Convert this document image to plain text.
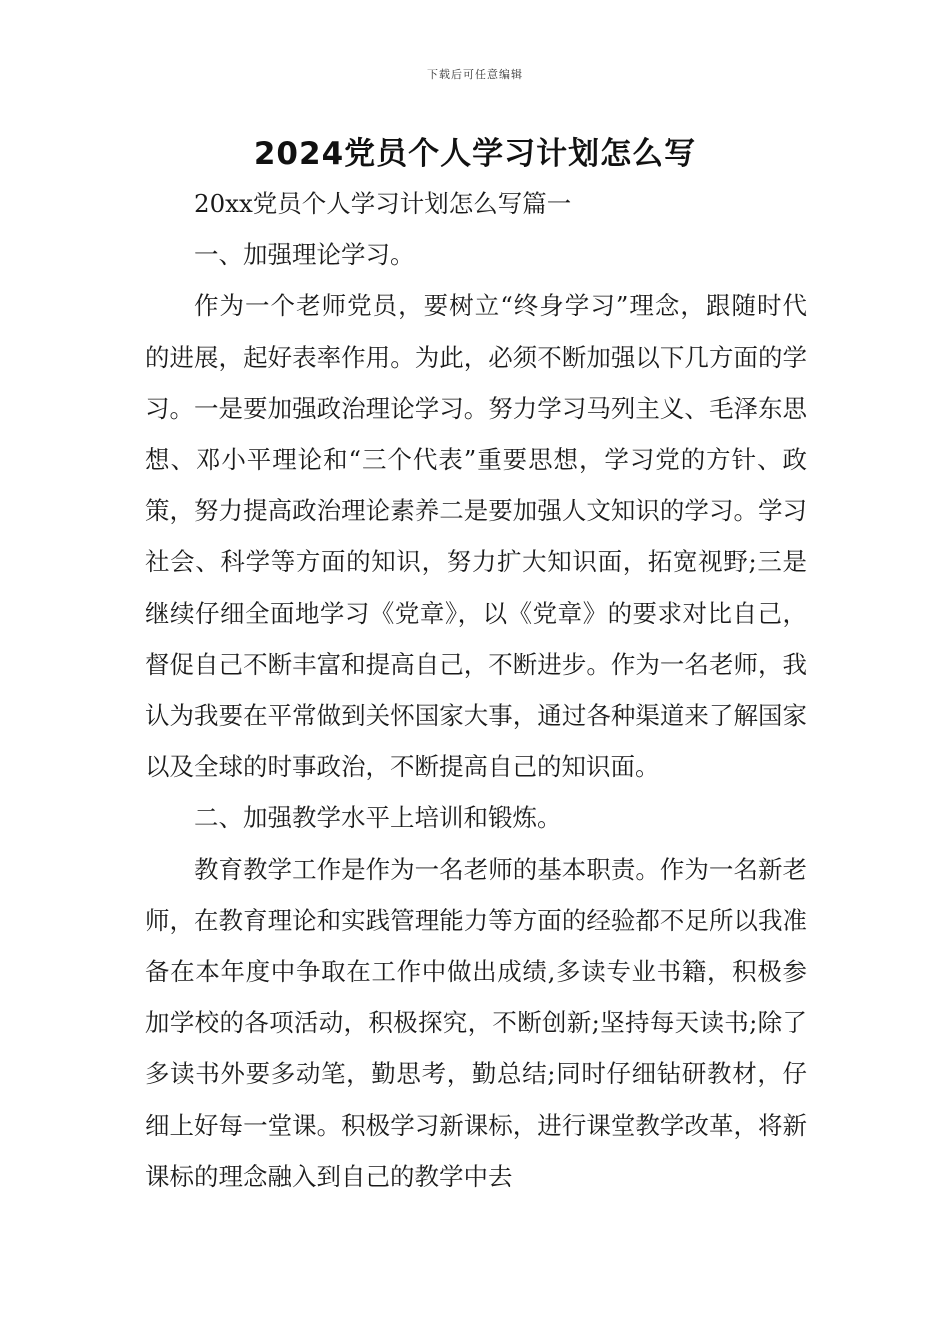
下载后可任意编辑
2024党员个人学习计划怎么写

20xx党员个人学习计划怎么写篇一

一、加强理论学习。

作为一个老师党员，要树立“终身学习”理念，跟随时代的进展，起好表率作用。为此，必须不断加强以下几方面的学习。一是要加强政治理论学习。努力学习马列主义、毛泽东思想、邓小平理论和“三个代表”重要思想，学习党的方针、政策，努力提高政治理论素养二是要加强人文知识的学习。学习社会、科学等方面的知识，努力扩大知识面，拓宽视野;三是继续仔细全面地学习《党章》，以《党章》的要求对比自己，督促自己不断丰富和提高自己，不断进步。作为一名老师，我认为我要在平常做到关怀国家大事，通过各种渠道来了解国家以及全球的时事政治，不断提高自己的知识面。

二、加强教学水平上培训和锻炼。

教育教学工作是作为一名老师的基本职责。作为一名新老师，在教育理论和实践管理能力等方面的经验都不足所以我准备在本年度中争取在工作中做出成绩,多读专业书籍，积极参加学校的各项活动，积极探究，不断创新;坚持每天读书;除了多读书外要多动笔，勤思考，勤总结;同时仔细钻研教材，仔细上好每一堂课。积极学习新课标，进行课堂教学改革，将新课标的理念融入到自己的教学中去
